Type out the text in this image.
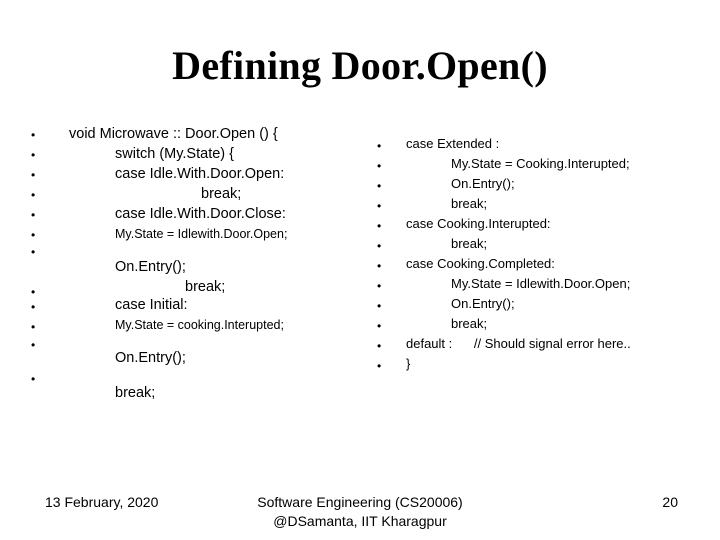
Defining Door.Open()
•
•
•
•
•
•
•
•
•
•
•
•
void Microwave :: Door.Open () {
switch (My.State) {
case Idle.With.Door.Open:
break;
case Idle.With.Door.Close:
My.State = Idlewith.Door.Open;
On.Entry();
break;
case Initial:
My.State = cooking.Interupted;
On.Entry();
break;
•
•
•
•
•
•
•
•
•
•
•
•
case Extended :
My.State = Cooking.Interupted;
On.Entry();
break;
case Cooking.Interupted:
break;
case Cooking.Completed:
My.State = Idlewith.Door.Open;
On.Entry();
break;
default :      // Should signal error here..
}
13 February, 2020	Software Engineering (CS20006)
@DSamanta, IIT Kharagpur
20
